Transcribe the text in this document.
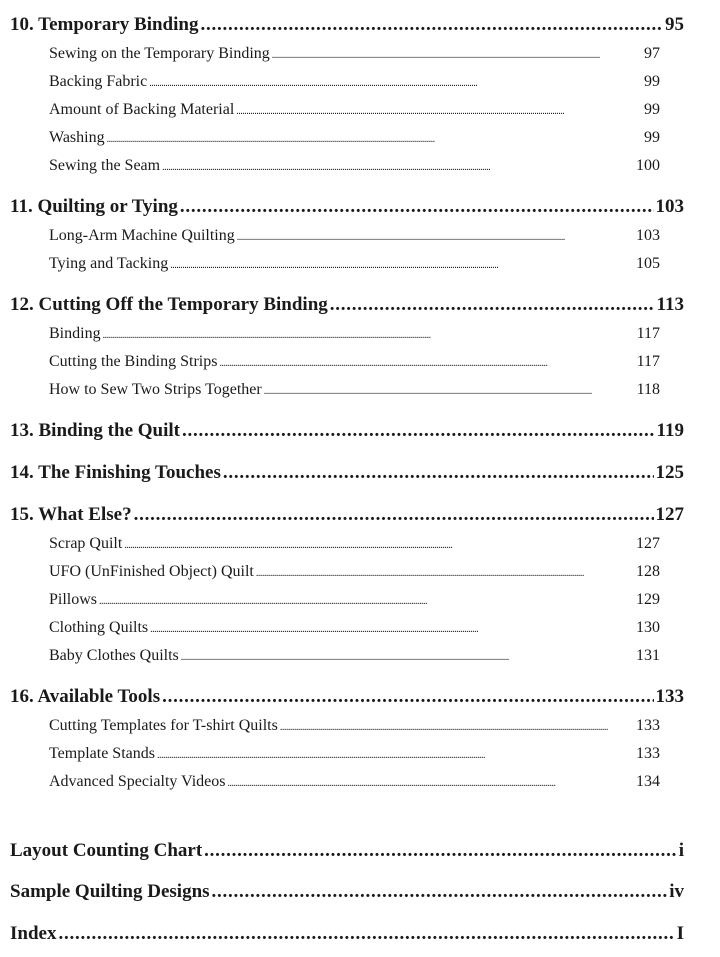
10. Temporary Binding . . .	95
Sewing on the Temporary Binding . . .	97
Backing Fabric . . .	99
Amount of Backing Material . . .	99
Washing . . .	99
Sewing the Seam . . .	100
11. Quilting or Tying . . .	103
Long-Arm Machine Quilting . . .	103
Tying and Tacking . . .	105
12. Cutting Off the Temporary Binding . . .	113
Binding . . .	117
Cutting the Binding Strips . . .	117
How to Sew Two Strips Together . . .	118
13. Binding the Quilt . . .	119
14. The Finishing Touches . . .	125
15. What Else? . . .	127
Scrap Quilt . . .	127
UFO (UnFinished Object) Quilt . . .	128
Pillows . . .	129
Clothing Quilts . . .	130
Baby Clothes Quilts . . .	131
16. Available Tools . . .	133
Cutting Templates for T-shirt Quilts . . .	133
Template Stands . . .	133
Advanced Specialty Videos . . .	134
Layout Counting Chart . . .	i
Sample Quilting Designs . . .	iv
Index . . .	I
